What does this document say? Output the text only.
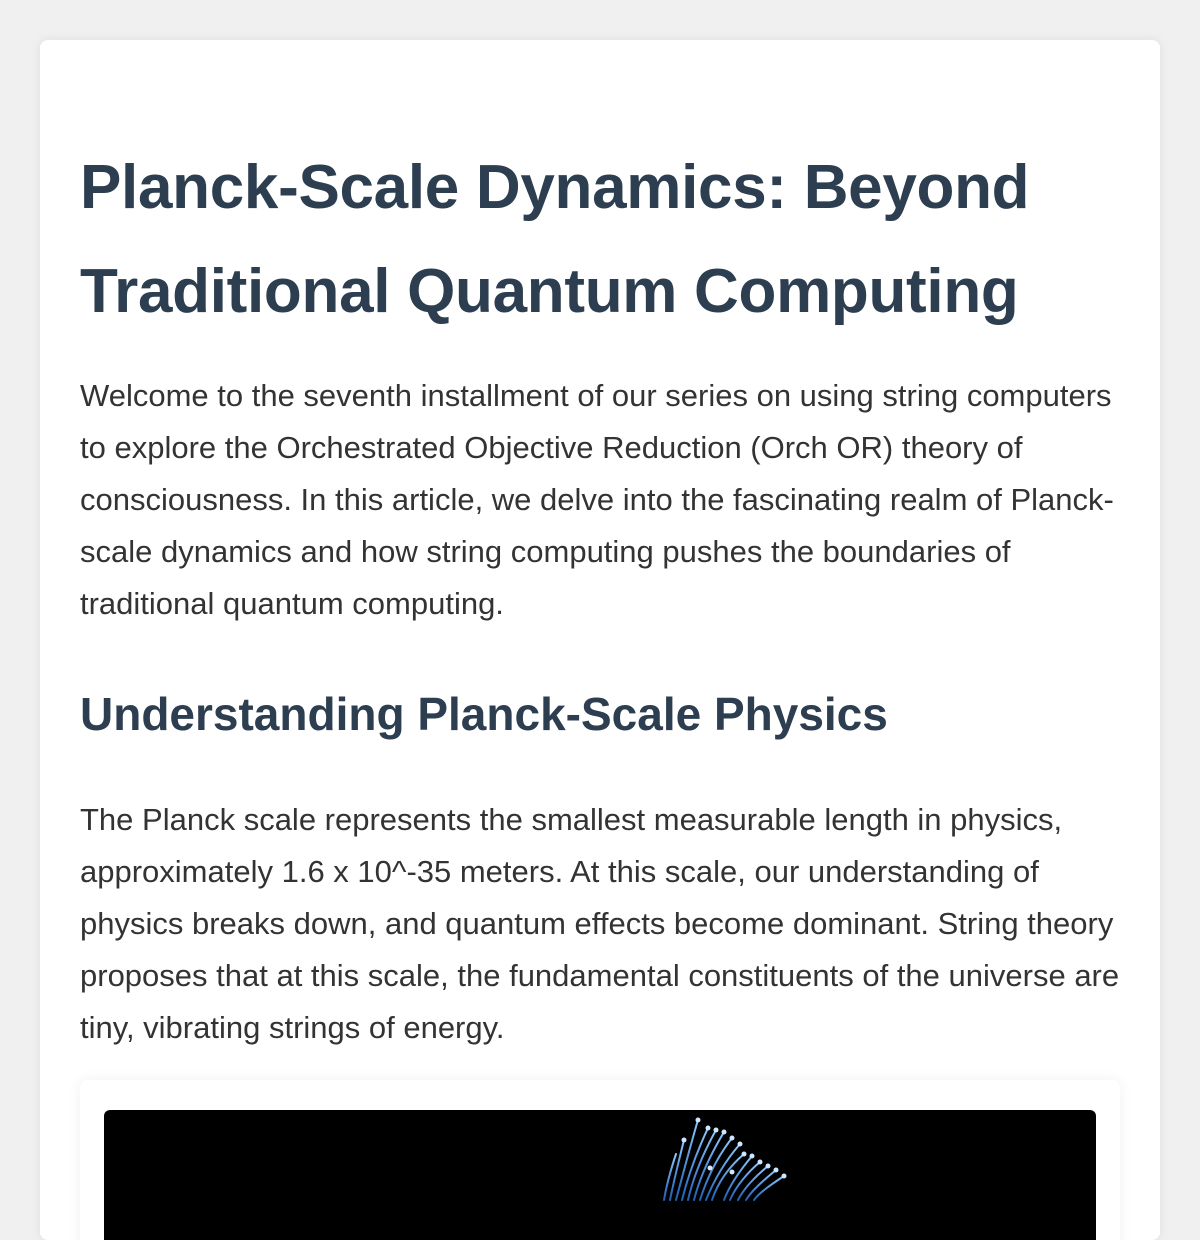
Planck-Scale Dynamics: Beyond Traditional Quantum Computing

Welcome to the seventh installment of our series on using string computers to explore the Orchestrated Objective Reduction (Orch OR) theory of consciousness. In this article, we delve into the fascinating realm of Planck-scale dynamics and how string computing pushes the boundaries of traditional quantum computing.

Understanding Planck-Scale Physics

The Planck scale represents the smallest measurable length in physics, approximately 1.6 x 10^-35 meters. At this scale, our understanding of physics breaks down, and quantum effects become dominant. String theory proposes that at this scale, the fundamental constituents of the universe are tiny, vibrating strings of energy.
